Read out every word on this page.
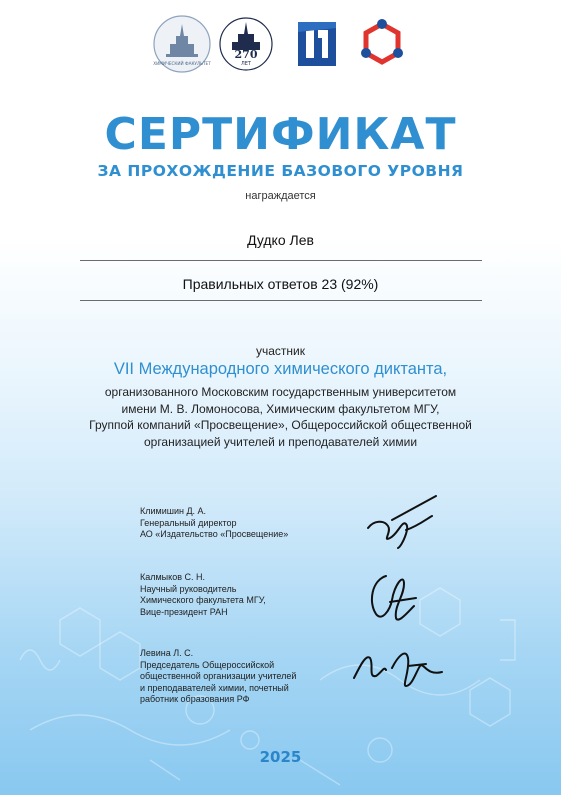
ХИМИЧЕСКИЙ ФАКУЛЬТЕТ
270
ЛЕТ
СЕРТИФИКАТ
ЗА ПРОХОЖДЕНИЕ БАЗОВОГО УРОВНЯ
награждается
Дудко Лев
Правильных ответов 23 (92%)
участник
VII Международного химического диктанта,
организованного Московским государственным университетом
имени М. В. Ломоносова, Химическим факультетом МГУ,
Группой компаний «Просвещение», Общероссийской общественной
организацией учителей и преподавателей химии
Климишин Д. А.
Генеральный директор
АО «Издательство «Просвещение»
Калмыков С. Н.
Научный руководитель
Химического факультета МГУ,
Вице-президент РАН
Левина Л. С.
Председатель Общероссийской
общественной организации учителей
и преподавателей химии, почетный
работник образования РФ
2025
